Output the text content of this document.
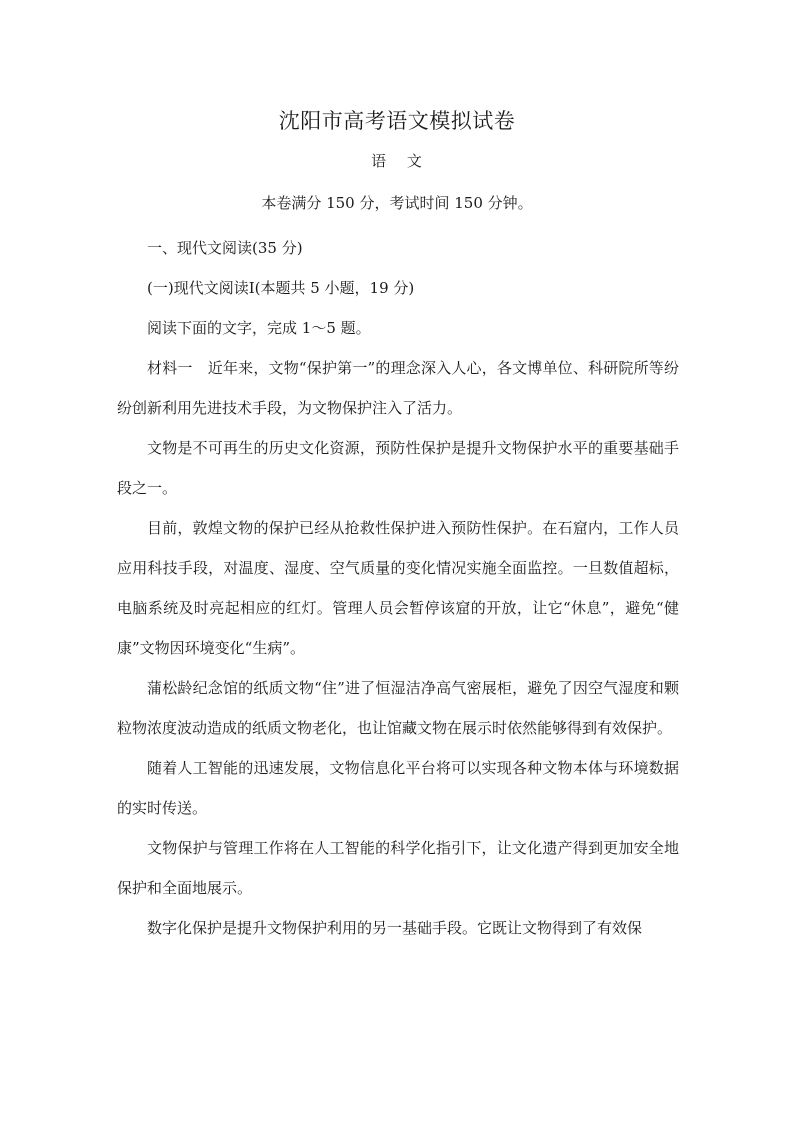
沈阳市高考语文模拟试卷
语 文
本卷满分 150 分，考试时间 150 分钟。

一、现代文阅读(35 分)

(一)现代文阅读Ⅰ(本题共 5 小题，19 分)

阅读下面的文字，完成 1～5 题。

材料一　近年来，文物“保护第一”的理念深入人心，各文博单位、科研院所等纷纷创新利用先进技术手段，为文物保护注入了活力。

文物是不可再生的历史文化资源，预防性保护是提升文物保护水平的重要基础手段之一。

目前，敦煌文物的保护已经从抢救性保护进入预防性保护。在石窟内，工作人员应用科技手段，对温度、湿度、空气质量的变化情况实施全面监控。一旦数值超标，电脑系统及时亮起相应的红灯。管理人员会暂停该窟的开放，让它“休息”，避免“健康”文物因环境变化“生病”。

蒲松龄纪念馆的纸质文物“住”进了恒湿洁净高气密展柜，避免了因空气湿度和颗粒物浓度波动造成的纸质文物老化，也让馆藏文物在展示时依然能够得到有效保护。

随着人工智能的迅速发展，文物信息化平台将可以实现各种文物本体与环境数据的实时传送。

文物保护与管理工作将在人工智能的科学化指引下，让文化遗产得到更加安全地保护和全面地展示。

数字化保护是提升文物保护利用的另一基础手段。它既让文物得到了有效保
